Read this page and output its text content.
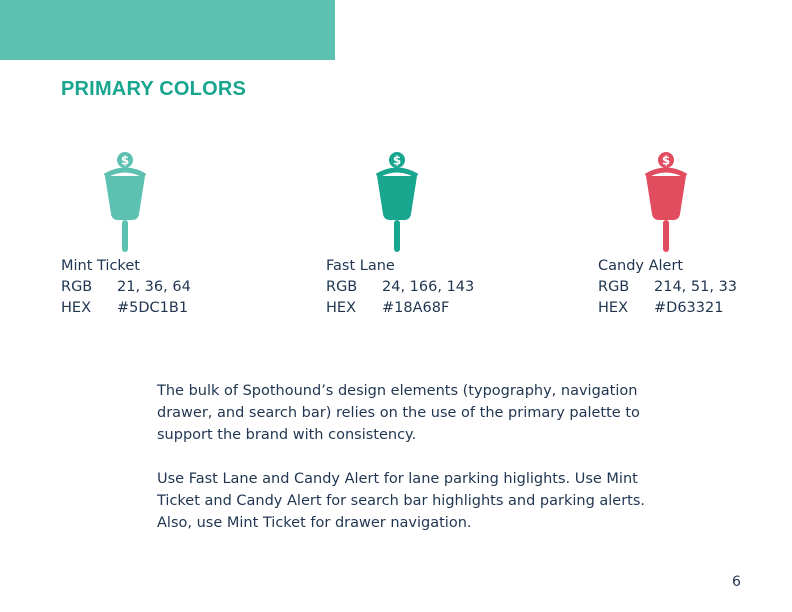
PRIMARY COLORS
$
Mint Ticket
RGB 21, 36, 64
HEX #5DC1B1
$
Fast Lane
RGB 24, 166, 143
HEX #18A68F
$
Candy Alert
RGB 214, 51, 33
HEX #D63321

The bulk of Spothound’s design elements (typography, navigation drawer, and search bar) relies on the use of the primary palette to support the brand with consistency.

Use Fast Lane and Candy Alert for lane parking higlights. Use Mint Ticket and Candy Alert for search bar highlights and parking alerts. Also, use Mint Ticket for drawer navigation.

6
